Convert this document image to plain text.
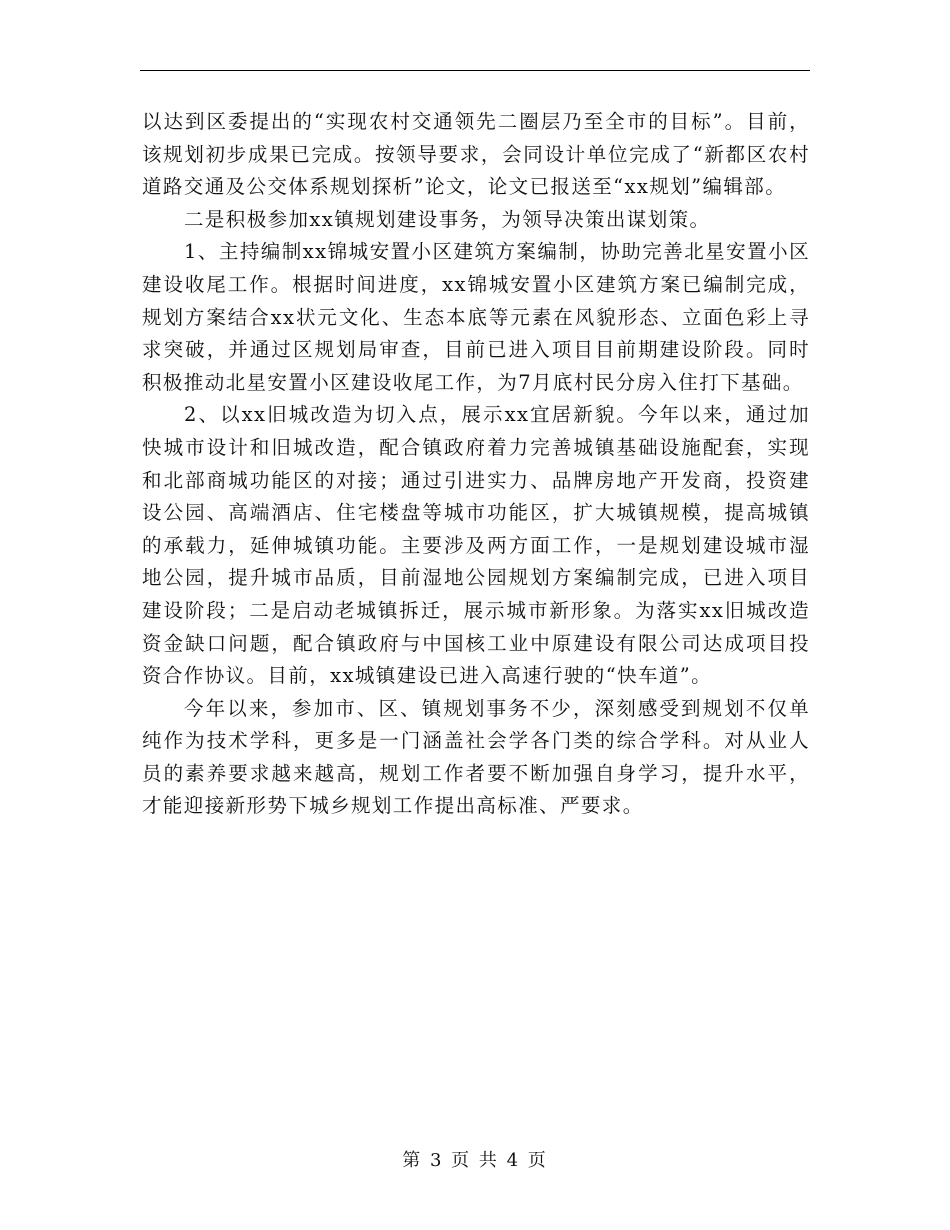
以达到区委提出的“实现农村交通领先二圈层乃至全市的目标”。目前，该规划初步成果已完成。按领导要求，会同设计单位完成了“新都区农村道路交通及公交体系规划探析”论文，论文已报送至“xx规划”编辑部。

二是积极参加xx镇规划建设事务，为领导决策出谋划策。

1、主持编制xx锦城安置小区建筑方案编制，协助完善北星安置小区建设收尾工作。根据时间进度，xx锦城安置小区建筑方案已编制完成，规划方案结合xx状元文化、生态本底等元素在风貌形态、立面色彩上寻求突破，并通过区规划局审查，目前已进入项目目前期建设阶段。同时积极推动北星安置小区建设收尾工作，为7月底村民分房入住打下基础。

2、以xx旧城改造为切入点，展示xx宜居新貌。今年以来，通过加快城市设计和旧城改造，配合镇政府着力完善城镇基础设施配套，实现和北部商城功能区的对接；通过引进实力、品牌房地产开发商，投资建设公园、高端酒店、住宅楼盘等城市功能区，扩大城镇规模，提高城镇的承载力，延伸城镇功能。主要涉及两方面工作，一是规划建设城市湿地公园，提升城市品质，目前湿地公园规划方案编制完成，已进入项目建设阶段；二是启动老城镇拆迁，展示城市新形象。为落实xx旧城改造资金缺口问题，配合镇政府与中国核工业中原建设有限公司达成项目投资合作协议。目前，xx城镇建设已进入高速行驶的“快车道”。

今年以来，参加市、区、镇规划事务不少，深刻感受到规划不仅单纯作为技术学科，更多是一门涵盖社会学各门类的综合学科。对从业人员的素养要求越来越高，规划工作者要不断加强自身学习，提升水平，才能迎接新形势下城乡规划工作提出高标准、严要求。

第 3 页 共 4 页
